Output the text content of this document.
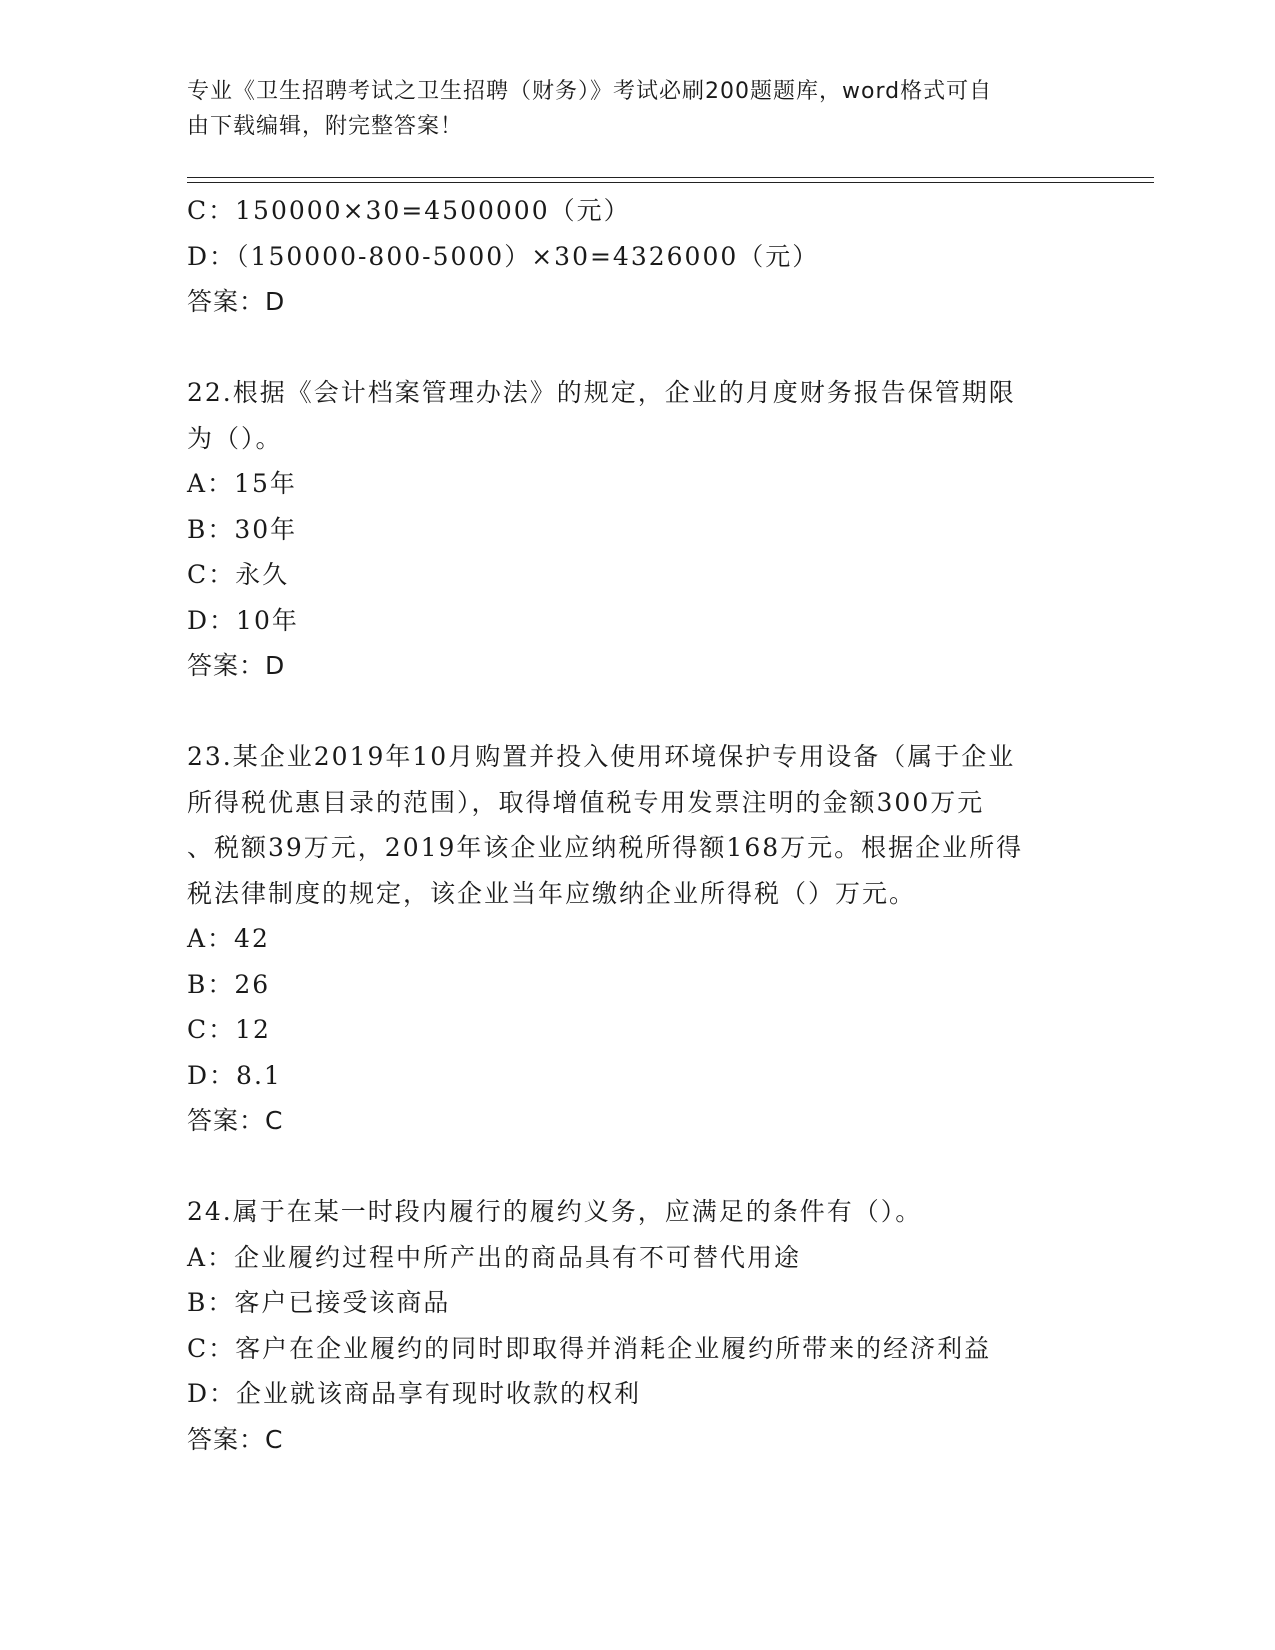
专业《卫生招聘考试之卫生招聘（财务）》考试必刷200题题库，word格式可自
由下载编辑，附完整答案！
C：150000×30=4500000（元）
D：（150000-800-5000）×30=4326000（元）
答案：D
22.根据《会计档案管理办法》的规定，企业的月度财务报告保管期限
为（）。
A：15年
B：30年
C：永久
D：10年
答案：D
23.某企业2019年10月购置并投入使用环境保护专用设备（属于企业
所得税优惠目录的范围），取得增值税专用发票注明的金额300万元
、税额39万元，2019年该企业应纳税所得额168万元。根据企业所得
税法律制度的规定，该企业当年应缴纳企业所得税（）万元。
A：42
B：26
C：12
D：8.1
答案：C
24.属于在某一时段内履行的履约义务，应满足的条件有（）。
A：企业履约过程中所产出的商品具有不可替代用途
B：客户已接受该商品
C：客户在企业履约的同时即取得并消耗企业履约所带来的经济利益
D：企业就该商品享有现时收款的权利
答案：C
